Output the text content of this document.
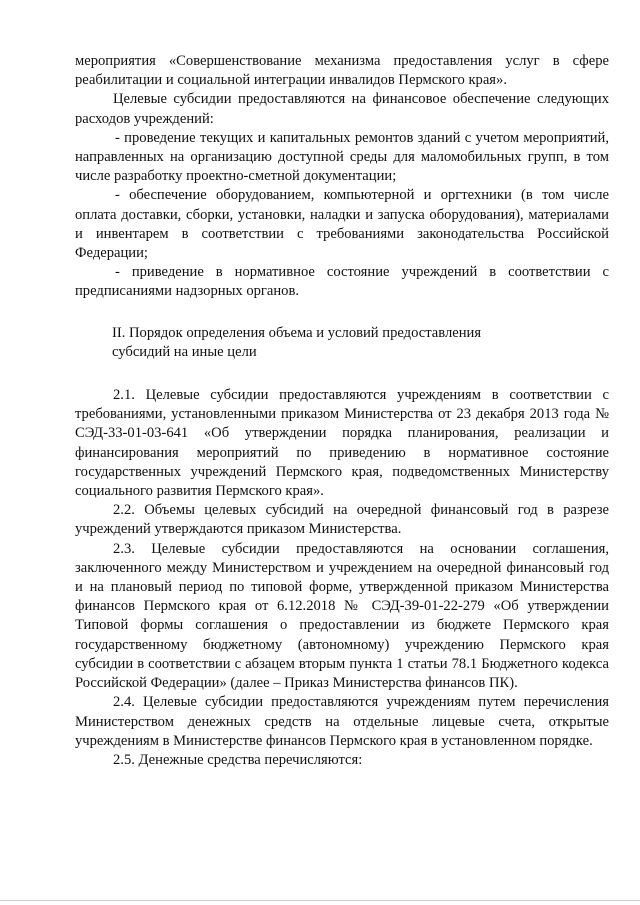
мероприятия «Совершенствование механизма предоставления услуг в сфере реабилитации и социальной интеграции инвалидов Пермского края».

Целевые субсидии предоставляются на финансовое обеспечение следующих расходов учреждений:

- проведение текущих и капитальных ремонтов зданий с учетом мероприятий, направленных на организацию доступной среды для маломобильных групп, в том числе разработку проектно-сметной документации;

- обеспечение оборудованием, компьютерной и оргтехники (в том числе оплата доставки, сборки, установки, наладки и запуска оборудования), материалами и инвентарем в соответствии с требованиями законодательства Российской Федерации;

- приведение в нормативное состояние учреждений в соответствии с предписаниями надзорных органов.

II. Порядок определения объема и условий предоставления
субсидий на иные цели

2.1. Целевые субсидии предоставляются учреждениям в соответствии с требованиями, установленными приказом Министерства от 23 декабря 2013 года № СЭД-33-01-03-641 «Об утверждении порядка планирования, реализации и финансирования мероприятий по приведению в нормативное состояние государственных учреждений Пермского края, подведомственных Министерству социального развития Пермского края».

2.2. Объемы целевых субсидий на очередной финансовый год в разрезе учреждений утверждаются приказом Министерства.

2.3. Целевые субсидии предоставляются на основании соглашения, заключенного между Министерством и учреждением на очередной финансовый год и на плановый период по типовой форме, утвержденной приказом Министерства финансов Пермского края от 6.12.2018 № СЭД-39-01-22-279 «Об утверждении Типовой формы соглашения о предоставлении из бюджете Пермского края государственному бюджетному (автономному) учреждению Пермского края субсидии в соответствии с абзацем вторым пункта 1 статьи 78.1 Бюджетного кодекса Российской Федерации» (далее – Приказ Министерства финансов ПК).

2.4. Целевые субсидии предоставляются учреждениям путем перечисления Министерством денежных средств на отдельные лицевые счета, открытые учреждениям в Министерстве финансов Пермского края в установленном порядке.

2.5. Денежные средства перечисляются:
